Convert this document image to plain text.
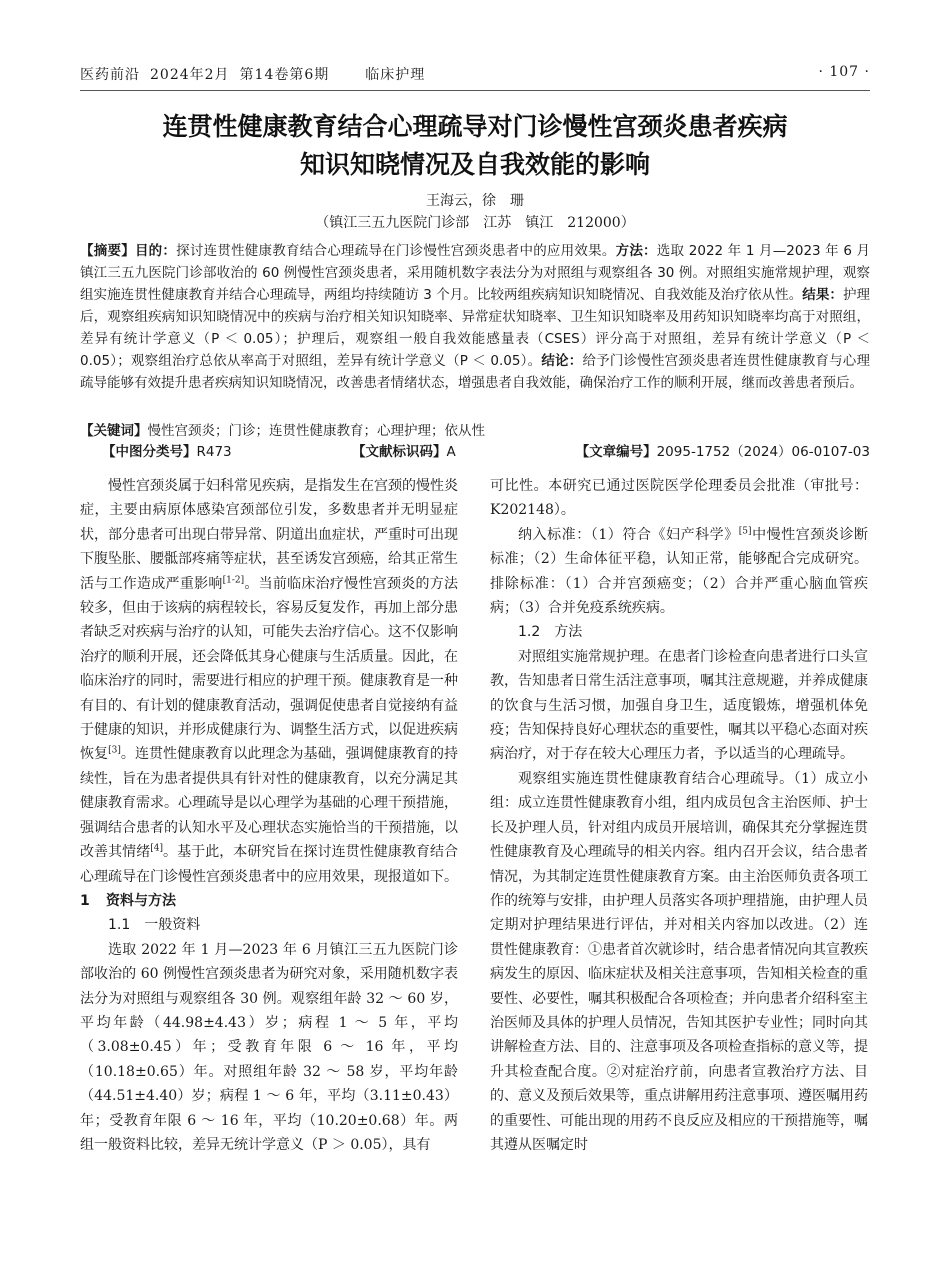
医药前沿 2024年2月 第14卷第6期	临床护理	· 107 ·
连贯性健康教育结合心理疏导对门诊慢性宫颈炎患者疾病
知识知晓情况及自我效能的影响
王海云，徐　珊
（镇江三五九医院门诊部　江苏　镇江　212000）
【摘要】目的：探讨连贯性健康教育结合心理疏导在门诊慢性宫颈炎患者中的应用效果。方法：选取 2022 年 1 月—2023 年 6 月镇江三五九医院门诊部收治的 60 例慢性宫颈炎患者，采用随机数字表法分为对照组与观察组各 30 例。对照组实施常规护理，观察组实施连贯性健康教育并结合心理疏导，两组均持续随访 3 个月。比较两组疾病知识知晓情况、自我效能及治疗依从性。结果：护理后，观察组疾病知识知晓情况中的疾病与治疗相关知识知晓率、异常症状知晓率、卫生知识知晓率及用药知识知晓率均高于对照组，差异有统计学意义（P ＜ 0.05）；护理后，观察组一般自我效能感量表（CSES）评分高于对照组，差异有统计学意义（P ＜ 0.05）；观察组治疗总依从率高于对照组，差异有统计学意义（P ＜ 0.05）。结论：给予门诊慢性宫颈炎患者连贯性健康教育与心理疏导能够有效提升患者疾病知识知晓情况，改善患者情绪状态，增强患者自我效能，确保治疗工作的顺利开展，继而改善患者预后。
【关键词】慢性宫颈炎；门诊；连贯性健康教育；心理护理；依从性
【中图分类号】R473	【文献标识码】A	【文章编号】2095-1752（2024）06-0107-03

慢性宫颈炎属于妇科常见疾病，是指发生在宫颈的慢性炎症，主要由病原体感染宫颈部位引发，多数患者并无明显症状，部分患者可出现白带异常、阴道出血症状，严重时可出现下腹坠胀、腰骶部疼痛等症状，甚至诱发宫颈癌，给其正常生活与工作造成严重影响[1-2]。当前临床治疗慢性宫颈炎的方法较多，但由于该病的病程较长，容易反复发作，再加上部分患者缺乏对疾病与治疗的认知，可能失去治疗信心。这不仅影响治疗的顺利开展，还会降低其身心健康与生活质量。因此，在临床治疗的同时，需要进行相应的护理干预。健康教育是一种有目的、有计划的健康教育活动，强调促使患者自觉接纳有益于健康的知识，并形成健康行为、调整生活方式，以促进疾病恢复[3]。连贯性健康教育以此理念为基础，强调健康教育的持续性，旨在为患者提供具有针对性的健康教育，以充分满足其健康教育需求。心理疏导是以心理学为基础的心理干预措施，强调结合患者的认知水平及心理状态实施恰当的干预措施，以改善其情绪[4]。基于此，本研究旨在探讨连贯性健康教育结合心理疏导在门诊慢性宫颈炎患者中的应用效果，现报道如下。

1 资料与方法
1.1　一般资料

选取 2022 年 1 月—2023 年 6 月镇江三五九医院门诊部收治的 60 例慢性宫颈炎患者为研究对象，采用随机数字表法分为对照组与观察组各 30 例。观察组年龄 32 ～ 60 岁，平均年龄（44.98±4.43）岁；病程 1 ～ 5 年，平均（3.08±0.45）年；受教育年限 6 ～ 16 年，平均（10.18±0.65）年。对照组年龄 32 ～ 58 岁，平均年龄（44.51±4.40）岁；病程 1 ～ 6 年，平均（3.11±0.43）年；受教育年限 6 ～ 16 年，平均（10.20±0.68）年。两组一般资料比较，差异无统计学意义（P ＞ 0.05），具有

可比性。本研究已通过医院医学伦理委员会批准（审批号：K202148）。

纳入标准：（1）符合《妇产科学》[5]中慢性宫颈炎诊断标准；（2）生命体征平稳，认知正常，能够配合完成研究。排除标准：（1）合并宫颈癌变；（2）合并严重心脑血管疾病；（3）合并免疫系统疾病。

1.2　方法

对照组实施常规护理。在患者门诊检查向患者进行口头宣教，告知患者日常生活注意事项，嘱其注意规避，并养成健康的饮食与生活习惯，加强自身卫生，适度锻炼，增强机体免疫；告知保持良好心理状态的重要性，嘱其以平稳心态面对疾病治疗，对于存在较大心理压力者，予以适当的心理疏导。

观察组实施连贯性健康教育结合心理疏导。（1）成立小组：成立连贯性健康教育小组，组内成员包含主治医师、护士长及护理人员，针对组内成员开展培训，确保其充分掌握连贯性健康教育及心理疏导的相关内容。组内召开会议，结合患者情况，为其制定连贯性健康教育方案。由主治医师负责各项工作的统筹与安排，由护理人员落实各项护理措施，由护理人员定期对护理结果进行评估，并对相关内容加以改进。（2）连贯性健康教育：①患者首次就诊时，结合患者情况向其宣教疾病发生的原因、临床症状及相关注意事项，告知相关检查的重要性、必要性，嘱其积极配合各项检查；并向患者介绍科室主治医师及具体的护理人员情况，告知其医护专业性；同时向其讲解检查方法、目的、注意事项及各项检查指标的意义等，提升其检查配合度。②对症治疗前，向患者宣教治疗方法、目的、意义及预后效果等，重点讲解用药注意事项、遵医嘱用药的重要性、可能出现的用药不良反应及相应的干预措施等，嘱其遵从医嘱定时
